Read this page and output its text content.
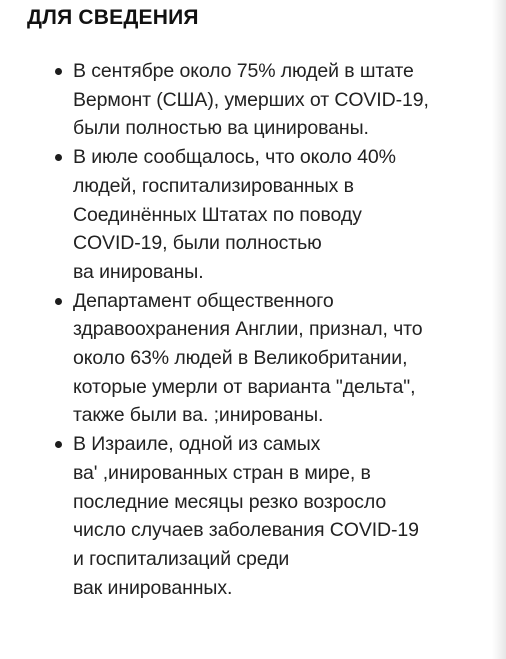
ДЛЯ СВЕДЕНИЯ
В сентябре около 75% людей в штате
Вермонт (США), умерших от COVID-19,
были полностью ва цинированы.
В июле сообщалось, что около 40%
людей, госпитализированных в
Соединённых Штатах по поводу
COVID-19, были полностью
ва инированы.
Департамент общественного
здравоохранения Англии, признал, что
около 63% людей в Великобритании,
которые умерли от варианта "дельта",
также были ва. ;инированы.
В Израиле, одной из самых
ва' ,инированных стран в мире, в
последние месяцы резко возросло
число случаев заболевания COVID-19
и госпитализаций среди
вак инированных.
